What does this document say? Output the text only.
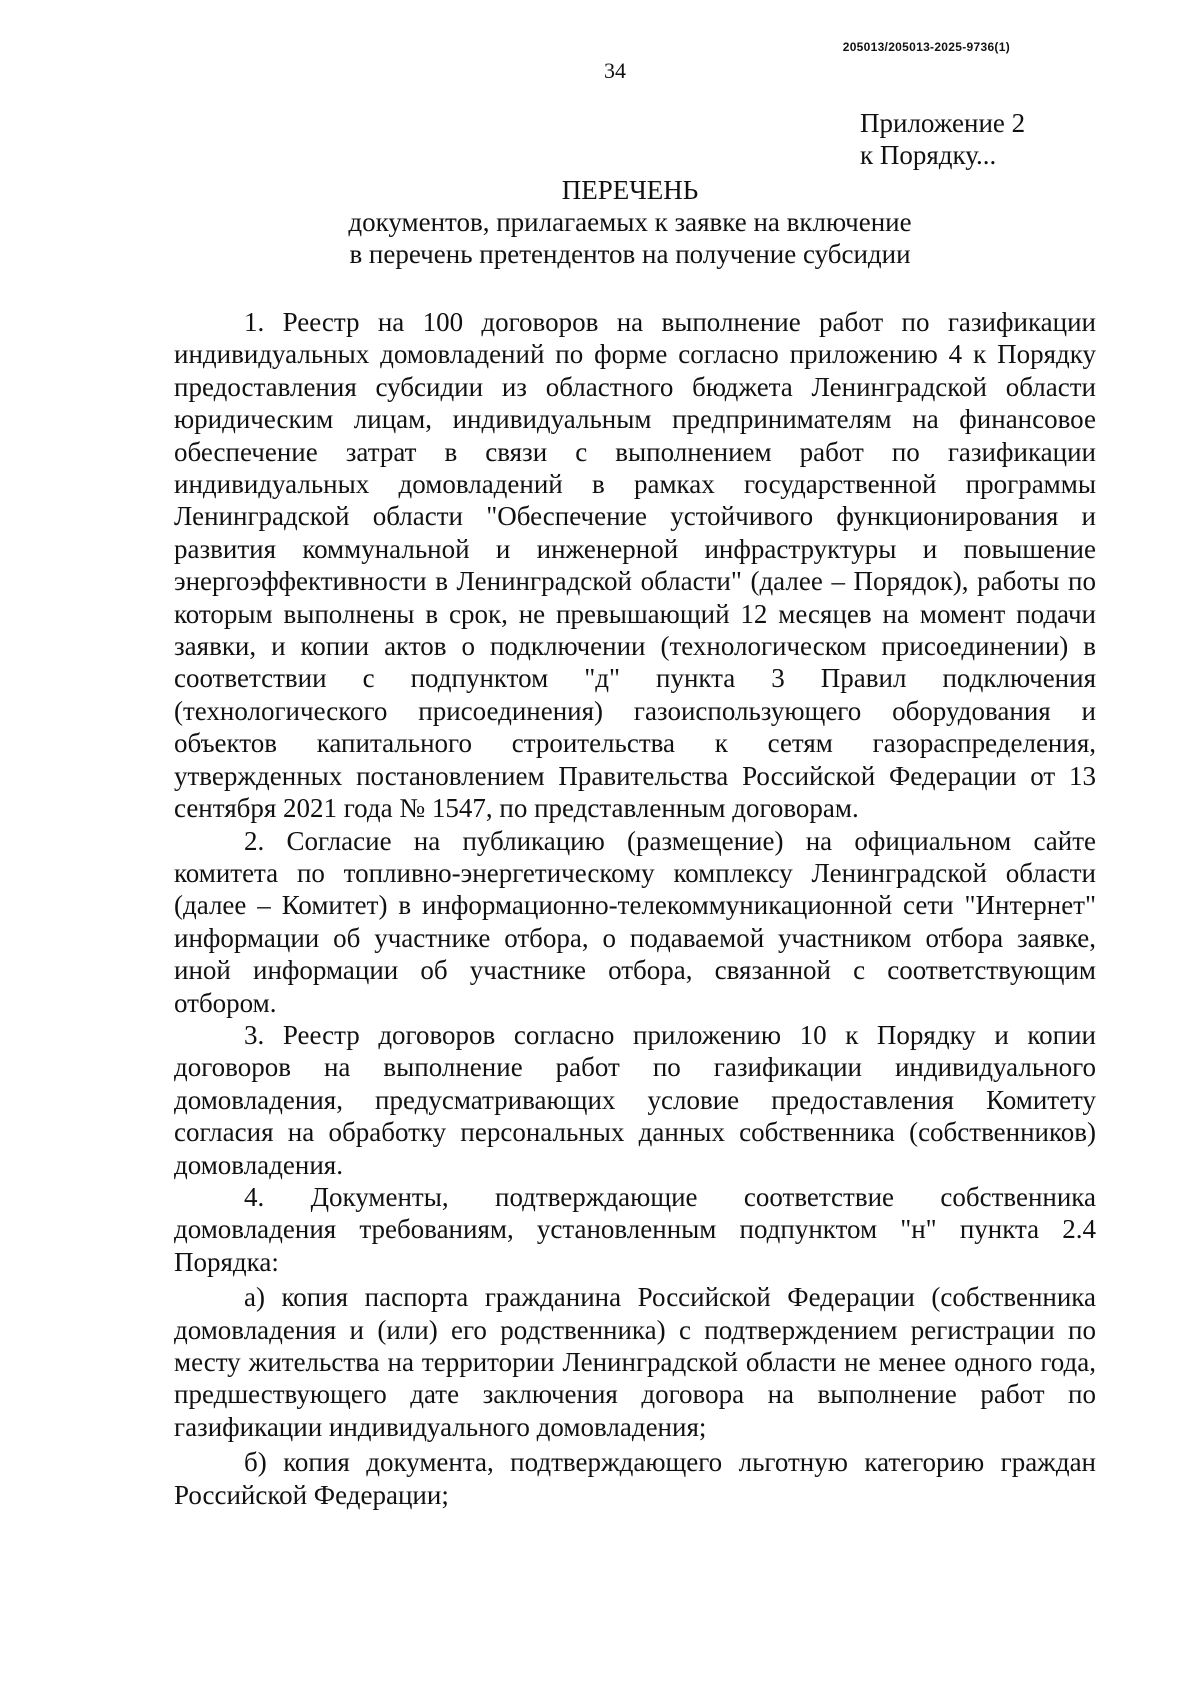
205013/205013-2025-9736(1)
34
Приложение 2
к Порядку...
ПЕРЕЧЕНЬ
документов, прилагаемых к заявке на включение
в перечень претендентов на получение субсидии

1. Реестр на 100 договоров на выполнение работ по газификации индивидуальных домовладений по форме согласно приложению 4 к Порядку предоставления субсидии из областного бюджета Ленинградской области юридическим лицам, индивидуальным предпринимателям на финансовое обеспечение затрат в связи с выполнением работ по газификации индивидуальных домовладений в рамках государственной программы Ленинградской области "Обеспечение устойчивого функционирования и развития коммунальной и инженерной инфраструктуры и повышение энергоэффективности в Ленинградской области" (далее – Порядок), работы по которым выполнены в срок, не превышающий 12 месяцев на момент подачи заявки, и копии актов о подключении (технологическом присоединении) в соответствии с подпунктом "д" пункта 3 Правил подключения (технологического присоединения) газоиспользующего оборудования и объектов капитального строительства к сетям газораспределения, утвержденных постановлением Правительства Российской Федерации от 13 сентября 2021 года № 1547, по представленным договорам.

2. Согласие на публикацию (размещение) на официальном сайте комитета по топливно-энергетическому комплексу Ленинградской области (далее – Комитет) в информационно-телекоммуникационной сети "Интернет" информации об участнике отбора, о подаваемой участником отбора заявке, иной информации об участнике отбора, связанной с соответствующим отбором.

3. Реестр договоров согласно приложению 10 к Порядку и копии договоров на выполнение работ по газификации индивидуального домовладения, предусматривающих условие предоставления Комитету согласия на обработку персональных данных собственника (собственников) домовладения.

4. Документы, подтверждающие соответствие собственника домовладения требованиям, установленным подпунктом "н" пункта 2.4 Порядка:

а) копия паспорта гражданина Российской Федерации (собственника домовладения и (или) его родственника) с подтверждением регистрации по месту жительства на территории Ленинградской области не менее одного года, предшествующего дате заключения договора на выполнение работ по газификации индивидуального домовладения;

б) копия документа, подтверждающего льготную категорию граждан Российской Федерации;
